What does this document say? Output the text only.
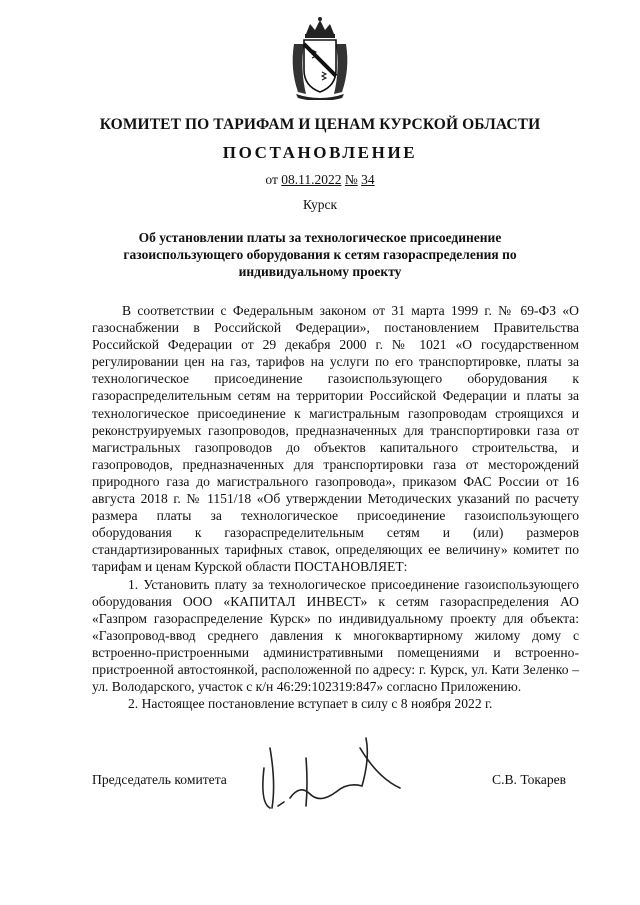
КОМИТЕТ ПО ТАРИФАМ И ЦЕНАМ КУРСКОЙ ОБЛАСТИ
ПОСТАНОВЛЕНИЕ
от 08.11.2022 № 34
Курск
Об установлении платы за технологическое присоединение газоиспользующего оборудования к сетям газораспределения по индивидуальному проекту

В соответствии с Федеральным законом от 31 марта 1999 г. № 69-ФЗ «О газоснабжении в Российской Федерации», постановлением Правительства Российской Федерации от 29 декабря 2000 г. № 1021 «О государственном регулировании цен на газ, тарифов на услуги по его транспортировке, платы за технологическое присоединение газоиспользующего оборудования к газораспределительным сетям на территории Российской Федерации и платы за технологическое присоединение к магистральным газопроводам строящихся и реконструируемых газопроводов, предназначенных для транспортировки газа от магистральных газопроводов до объектов капитального строительства, и газопроводов, предназначенных для транспортировки газа от месторождений природного газа до магистрального газопровода», приказом ФАС России от 16 августа 2018 г. № 1151/18 «Об утверждении Методических указаний по расчету размера платы за технологическое присоединение газоиспользующего оборудования к газораспределительным сетям и (или) размеров стандартизированных тарифных ставок, определяющих ее величину» комитет по тарифам и ценам Курской области ПОСТАНОВЛЯЕТ:

1. Установить плату за технологическое присоединение газоиспользующего оборудования ООО «КАПИТАЛ ИНВЕСТ» к сетям газораспределения АО «Газпром газораспределение Курск» по индивидуальному проекту для объекта: «Газопровод-ввод среднего давления к многоквартирному жилому дому с встроенно-пристроенными административными помещениями и встроенно-пристроенной автостоянкой, расположенной по адресу: г. Курск, ул. Кати Зеленко – ул. Володарского, участок с к/н 46:29:102319:847» согласно Приложению.

2. Настоящее постановление вступает в силу с 8 ноября 2022 г.

Председатель комитета	С.В. Токарев
